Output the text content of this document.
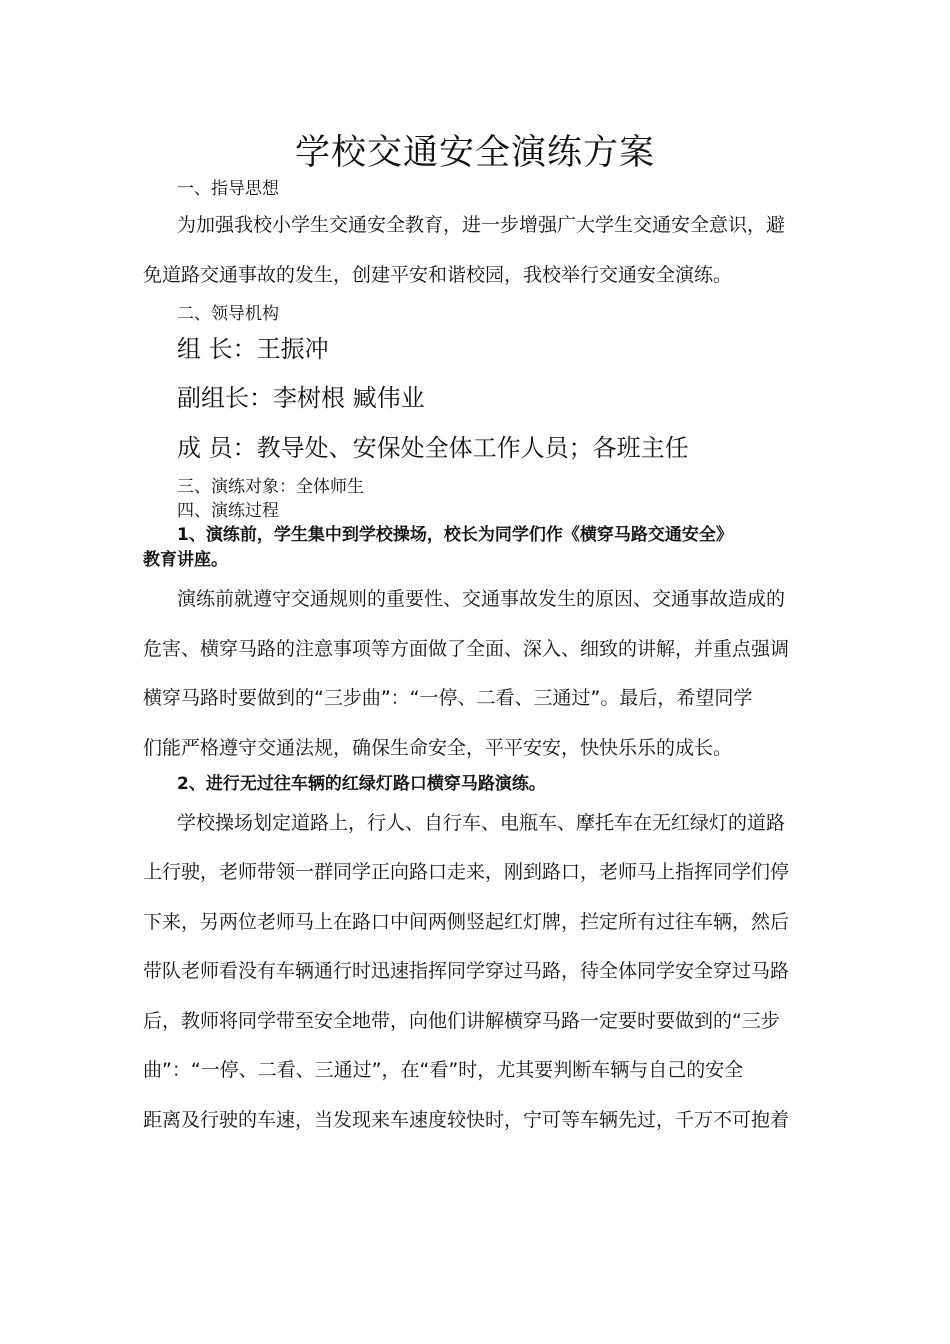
学校交通安全演练方案
一、指导思想
为加强我校小学生交通安全教育，进一步增强广大学生交通安全意识，避
免道路交通事故的发生，创建平安和谐校园，我校举行交通安全演练。
二、领导机构
组 长：王振冲
副组长：李树根 臧伟业
成 员：教导处、安保处全体工作人员；各班主任
三、演练对象：全体师生
四、演练过程
1、演练前，学生集中到学校操场，校长为同学们作《横穿马路交通安全》
教育讲座。
演练前就遵守交通规则的重要性、交通事故发生的原因、交通事故造成的
危害、横穿马路的注意事项等方面做了全面、深入、细致的讲解，并重点强调
横穿马路时要做到的“三步曲”：“一停、二看、三通过”。最后，希望同学
们能严格遵守交通法规，确保生命安全，平平安安，快快乐乐的成长。
2、进行无过往车辆的红绿灯路口横穿马路演练。
学校操场划定道路上，行人、自行车、电瓶车、摩托车在无红绿灯的道路
上行驶，老师带领一群同学正向路口走来，刚到路口，老师马上指挥同学们停
下来，另两位老师马上在路口中间两侧竖起红灯牌，拦定所有过往车辆，然后
带队老师看没有车辆通行时迅速指挥同学穿过马路，待全体同学安全穿过马路
后，教师将同学带至安全地带，向他们讲解横穿马路一定要时要做到的“三步
曲”：“一停、二看、三通过”，在“看”时，尤其要判断车辆与自己的安全
距离及行驶的车速，当发现来车速度较快时，宁可等车辆先过，千万不可抱着
